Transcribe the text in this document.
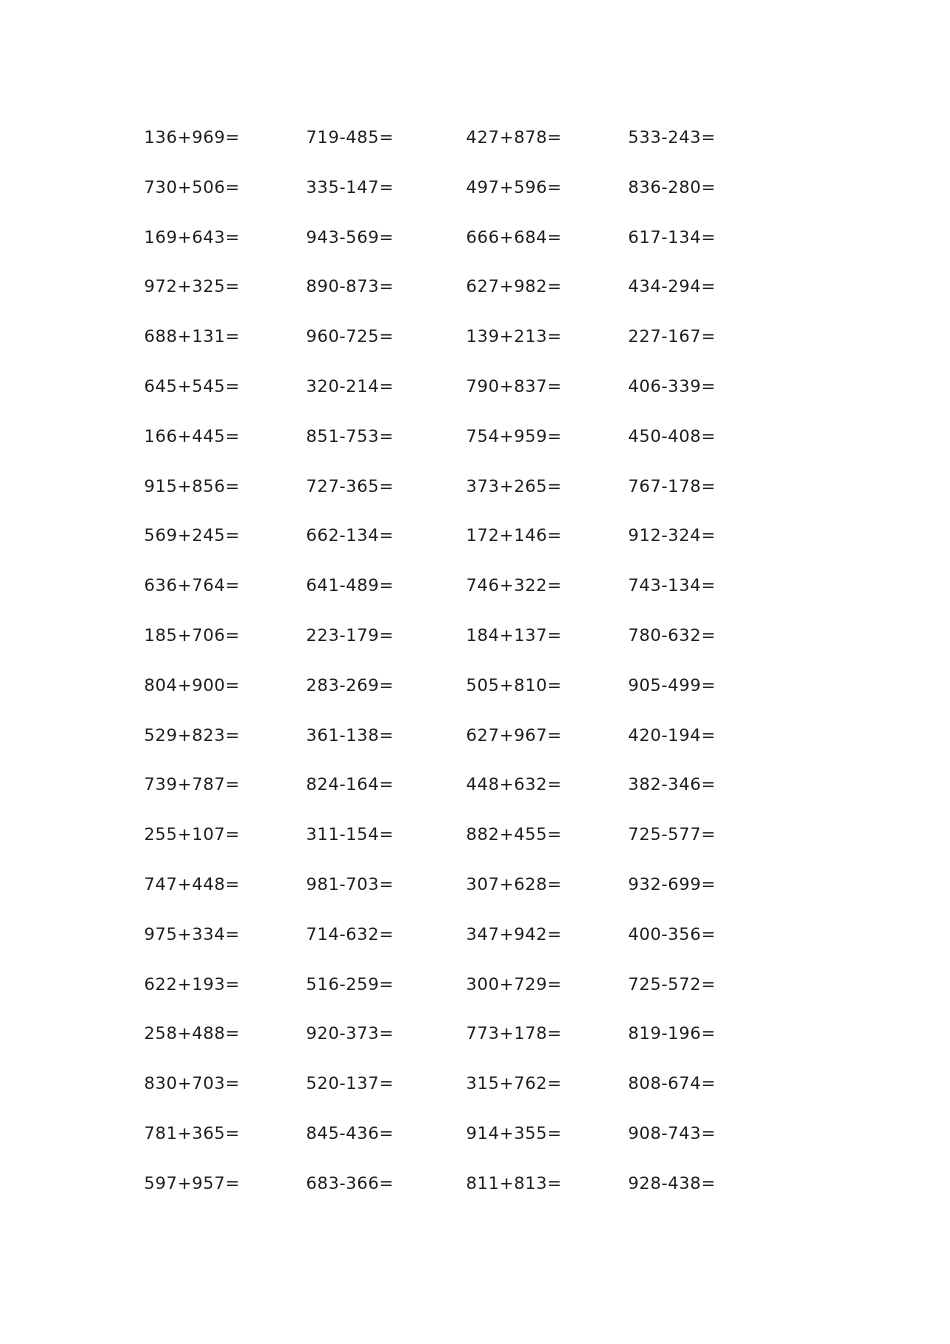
136+969=	719-485=	427+878=	533-243=
730+506=	335-147=	497+596=	836-280=
169+643=	943-569=	666+684=	617-134=
972+325=	890-873=	627+982=	434-294=
688+131=	960-725=	139+213=	227-167=
645+545=	320-214=	790+837=	406-339=
166+445=	851-753=	754+959=	450-408=
915+856=	727-365=	373+265=	767-178=
569+245=	662-134=	172+146=	912-324=
636+764=	641-489=	746+322=	743-134=
185+706=	223-179=	184+137=	780-632=
804+900=	283-269=	505+810=	905-499=
529+823=	361-138=	627+967=	420-194=
739+787=	824-164=	448+632=	382-346=
255+107=	311-154=	882+455=	725-577=
747+448=	981-703=	307+628=	932-699=
975+334=	714-632=	347+942=	400-356=
622+193=	516-259=	300+729=	725-572=
258+488=	920-373=	773+178=	819-196=
830+703=	520-137=	315+762=	808-674=
781+365=	845-436=	914+355=	908-743=
597+957=	683-366=	811+813=	928-438=
